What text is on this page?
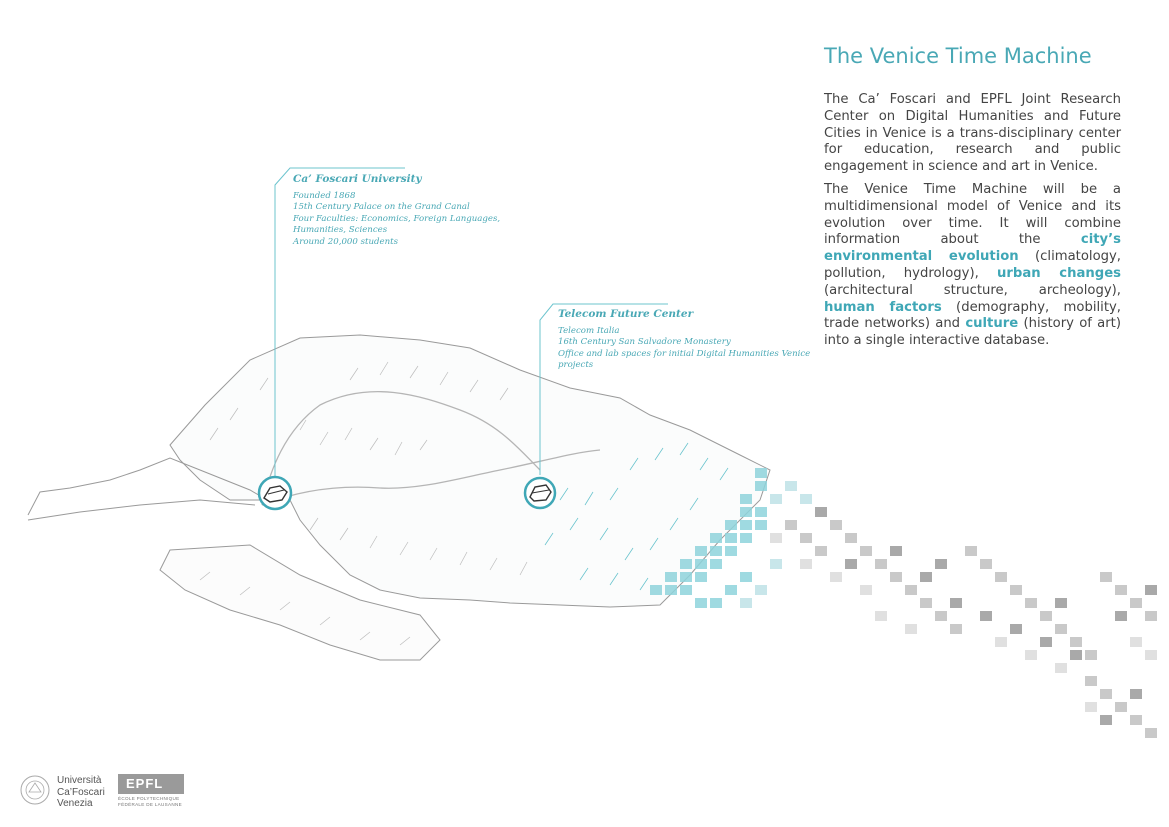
The Venice Time Machine

The Ca’ Foscari and EPFL Joint Research Center on Digital Humanities and Future Cities in Venice is a trans-disciplinary center for education, research and public engagement in science and art in Venice.

The Venice Time Machine will be a multidimensional model of Venice and its evolution over time. It will combine information about the city’s environmental evolution (climatology, pollution, hydrology), urban changes (architectural structure, archeology), human factors (demography, mobility, trade networks) and culture (history of art) into a single interactive database.

Ca’ Foscari University
Founded 1868
15th Century Palace on the Grand Canal
Four Faculties: Economics, Foreign Languages,
Humanities, Sciences
Around 20,000 students
Telecom Future Center
Telecom Italia
16th Century San Salvadore Monastery
Office and lab spaces for initial Digital Humanities Venice projects
Università
Ca’Foscari
Venezia
EPFL
ÉCOLE POLYTECHNIQUE
FÉDÉRALE DE LAUSANNE
